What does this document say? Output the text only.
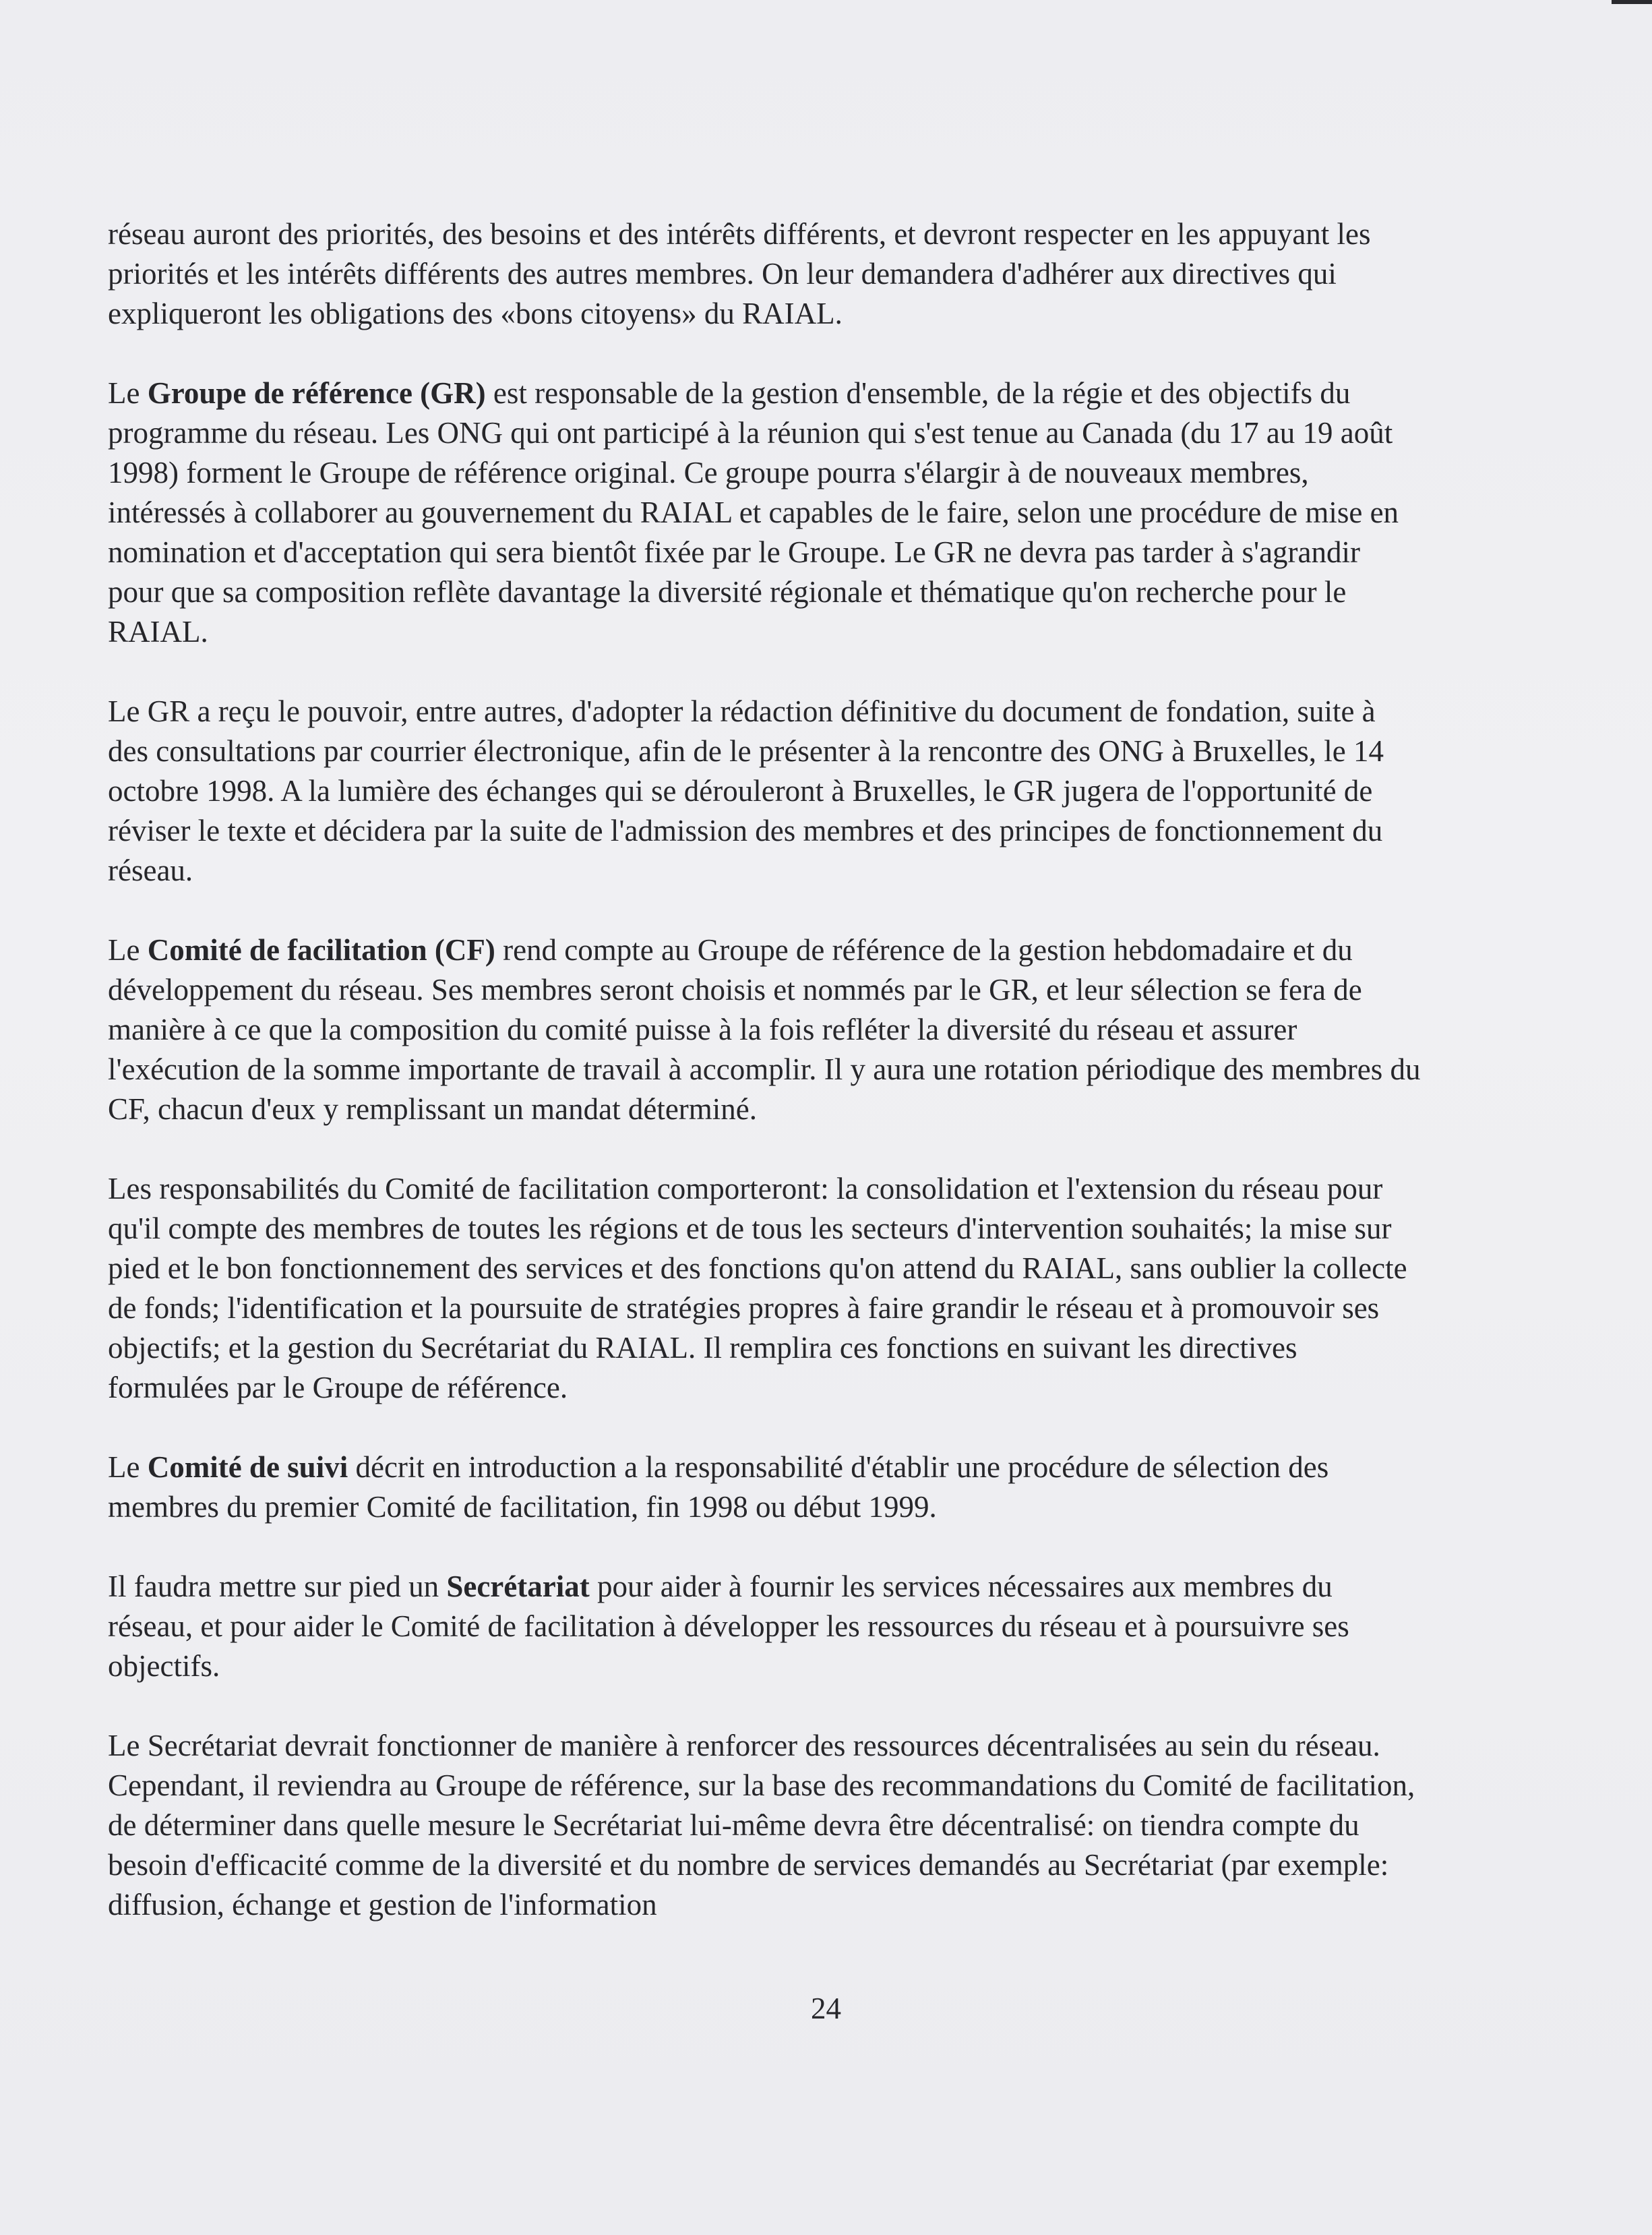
réseau auront des priorités, des besoins et des intérêts différents, et devront respecter en les appuyant les priorités et les intérêts différents des autres membres. On leur demandera d'adhérer aux directives qui expliqueront les obligations des «bons citoyens» du RAIAL.

Le Groupe de référence (GR) est responsable de la gestion d'ensemble, de la régie et des objectifs du programme du réseau. Les ONG qui ont participé à la réunion qui s'est tenue au Canada (du 17 au 19 août 1998) forment le Groupe de référence original. Ce groupe pourra s'élargir à de nouveaux membres, intéressés à collaborer au gouvernement du RAIAL et capables de le faire, selon une procédure de mise en nomination et d'acceptation qui sera bientôt fixée par le Groupe. Le GR ne devra pas tarder à s'agrandir pour que sa composition reflète davantage la diversité régionale et thématique qu'on recherche pour le RAIAL.

Le GR a reçu le pouvoir, entre autres, d'adopter la rédaction définitive du document de fondation, suite à des consultations par courrier électronique, afin de le présenter à la rencontre des ONG à Bruxelles, le 14 octobre 1998. A la lumière des échanges qui se dérouleront à Bruxelles, le GR jugera de l'opportunité de réviser le texte et décidera par la suite de l'admission des membres et des principes de fonctionnement du réseau.

Le Comité de facilitation (CF) rend compte au Groupe de référence de la gestion hebdomadaire et du développement du réseau. Ses membres seront choisis et nommés par le GR, et leur sélection se fera de manière à ce que la composition du comité puisse à la fois refléter la diversité du réseau et assurer l'exécution de la somme importante de travail à accomplir. Il y aura une rotation périodique des membres du CF, chacun d'eux y remplissant un mandat déterminé.

Les responsabilités du Comité de facilitation comporteront: la consolidation et l'extension du réseau pour qu'il compte des membres de toutes les régions et de tous les secteurs d'intervention souhaités; la mise sur pied et le bon fonctionnement des services et des fonctions qu'on attend du RAIAL, sans oublier la collecte de fonds; l'identification et la poursuite de stratégies propres à faire grandir le réseau et à promouvoir ses objectifs; et la gestion du Secrétariat du RAIAL. Il remplira ces fonctions en suivant les directives formulées par le Groupe de référence.

Le Comité de suivi décrit en introduction a la responsabilité d'établir une procédure de sélection des membres du premier Comité de facilitation, fin 1998 ou début 1999.

Il faudra mettre sur pied un Secrétariat pour aider à fournir les services nécessaires aux membres du réseau, et pour aider le Comité de facilitation à développer les ressources du réseau et à poursuivre ses objectifs.

Le Secrétariat devrait fonctionner de manière à renforcer des ressources décentralisées au sein du réseau. Cependant, il reviendra au Groupe de référence, sur la base des recommandations du Comité de facilitation, de déterminer dans quelle mesure le Secrétariat lui-même devra être décentralisé: on tiendra compte du besoin d'efficacité comme de la diversité et du nombre de services demandés au Secrétariat (par exemple: diffusion, échange et gestion de l'information

24
